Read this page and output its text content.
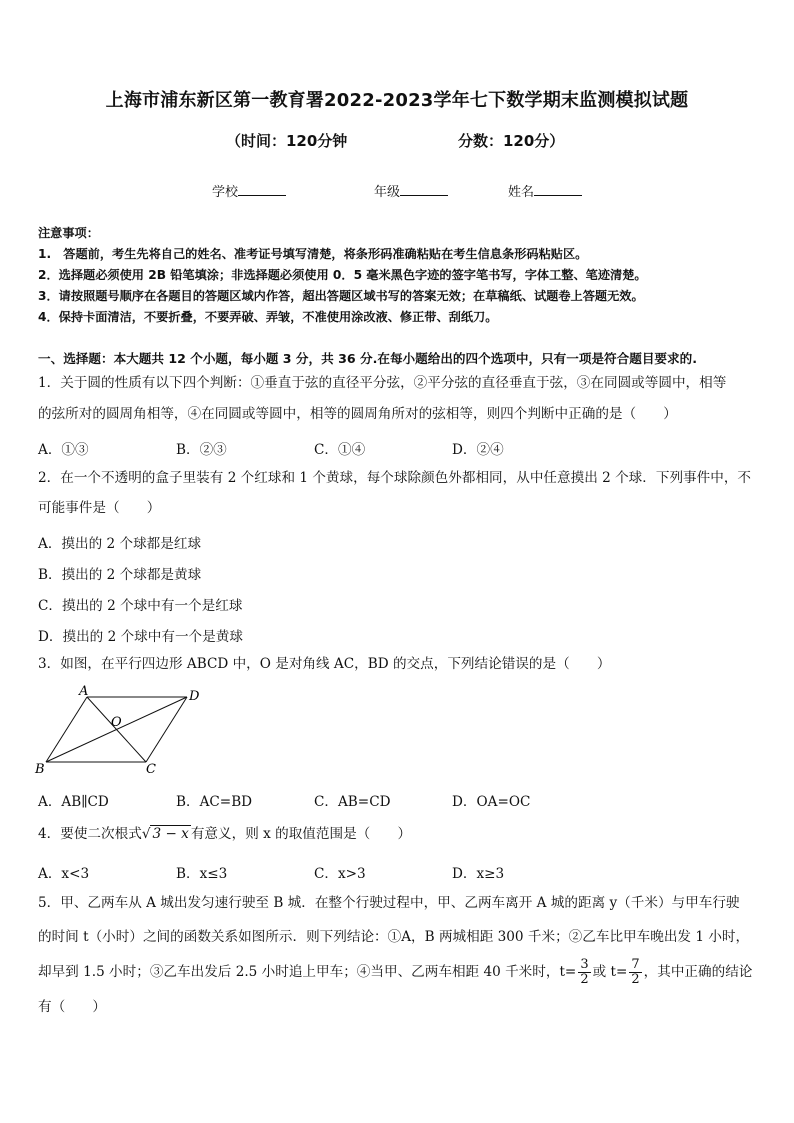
上海市浦东新区第一教育署2022-2023学年七下数学期末监测模拟试题
（时间：120分钟	分数：120分）
学校	年级	姓名
注意事项：
1.　答题前，考生先将自己的姓名、准考证号填写清楚，将条形码准确粘贴在考生信息条形码粘贴区。
2．选择题必须使用 2B 铅笔填涂；非选择题必须使用 0．5 毫米黑色字迹的签字笔书写，字体工整、笔迹清楚。
3．请按照题号顺序在各题目的答题区域内作答，超出答题区域书写的答案无效；在草稿纸、试题卷上答题无效。
4．保持卡面清洁，不要折叠，不要弄破、弄皱，不准使用涂改液、修正带、刮纸刀。
一、选择题：本大题共 12 个小题，每小题 3 分，共 36 分.在每小题给出的四个选项中，只有一项是符合题目要求的.
1．关于圆的性质有以下四个判断：①垂直于弦的直径平分弦，②平分弦的直径垂直于弦，③在同圆或等圆中，相等
的弦所对的圆周角相等，④在同圆或等圆中，相等的圆周角所对的弦相等，则四个判断中正确的是（　　）
A．①③	B．②③	C．①④	D．②④
2．在一个不透明的盒子里装有 2 个红球和 1 个黄球，每个球除颜色外都相同，从中任意摸出 2 个球．下列事件中，不
可能事件是（　　）
A．摸出的 2 个球都是红球
B．摸出的 2 个球都是黄球
C．摸出的 2 个球中有一个是红球
D．摸出的 2 个球中有一个是黄球
3．如图，在平行四边形 ABCD 中，O 是对角线 AC，BD 的交点，下列结论错误的是（　　）
A	D
B	C
O
A．AB∥CD	B．AC=BD	C．AB=CD	D．OA=OC
4．要使二次根式√ 3 − x 有意义，则 x 的取值范围是（　　）
A．x<3	B．x≤3	C．x>3	D．x≥3
5．甲、乙两车从 A 城出发匀速行驶至 B 城．在整个行驶过程中，甲、乙两车离开 A 城的距离 y（千米）与甲车行驶
的时间 t（小时）之间的函数关系如图所示．则下列结论：①A，B 两城相距 300 千米；②乙车比甲车晚出发 1 小时，
却早到 1.5 小时；③乙车出发后 2.5 小时追上甲车；④当甲、乙两车相距 40 千米时，$t= \frac{3}{2}$ 或 $t= \frac{7}{2}$ ，其中正确的结论
有（　　）
